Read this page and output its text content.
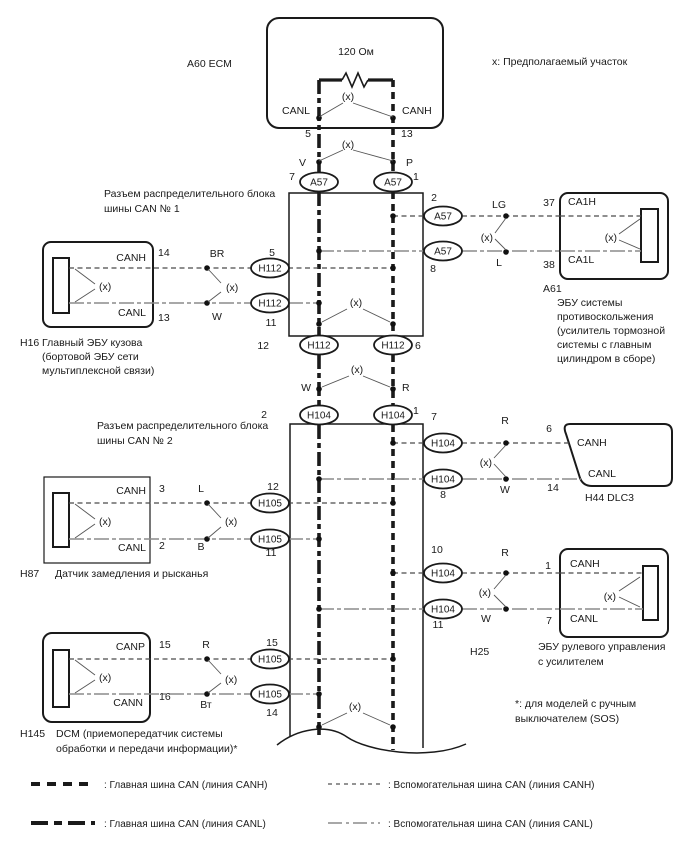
A57	A57
A57
A57
H112
H112
H112	H112
H104	H104
H104
H104
H104
H104
H105
H105
H105
H105
(x)
(x)
(x)	(x)
(x)	(x)
(x)
(x)
(x)	(x)
(x)
(x)	(x)
(x)	(x)
(x)
A60 ECM
120 Ом
x: Предполагаемый участок
CANL	CANH
5	13
V	P
7	1
Разъем распределительного блока
шины CAN № 1
2
LG	37 CA1H
L	38 CA1L
8
A61
ЭБУ системы
противоскольжения
(усилитель тормозной
системы с главным
цилиндром в сборе)
CANH 14	BR	5
CANL 13	W	11
H16 Главный ЭБУ кузова
(бортовой ЭБУ сети
мультиплексной связи)
12	6
W	R
2	1
Разъем распределительного блока
шины CAN № 2
7	R
6
CANH
W	14
CANL
8	H44 DLC3
CANH 3	L	12
CANL 2	B	11
H87 Датчик замедления и рысканья
10	R
1 CANH
W	7 CANL
11
H25	ЭБУ рулевого управления
с усилителем
*: для моделей с ручным
выключателем (SOS)
CANP 15	R	15
CANN 16
Вт
14
H145 DCM (приемопередатчик системы
обработки и передачи информации)*
: Главная шина CAN (линия CANH)
: Главная шина CAN (линия CANL)
: Вспомогательная шина CAN (линия CANH)
: Вспомогательная шина CAN (линия CANL)
